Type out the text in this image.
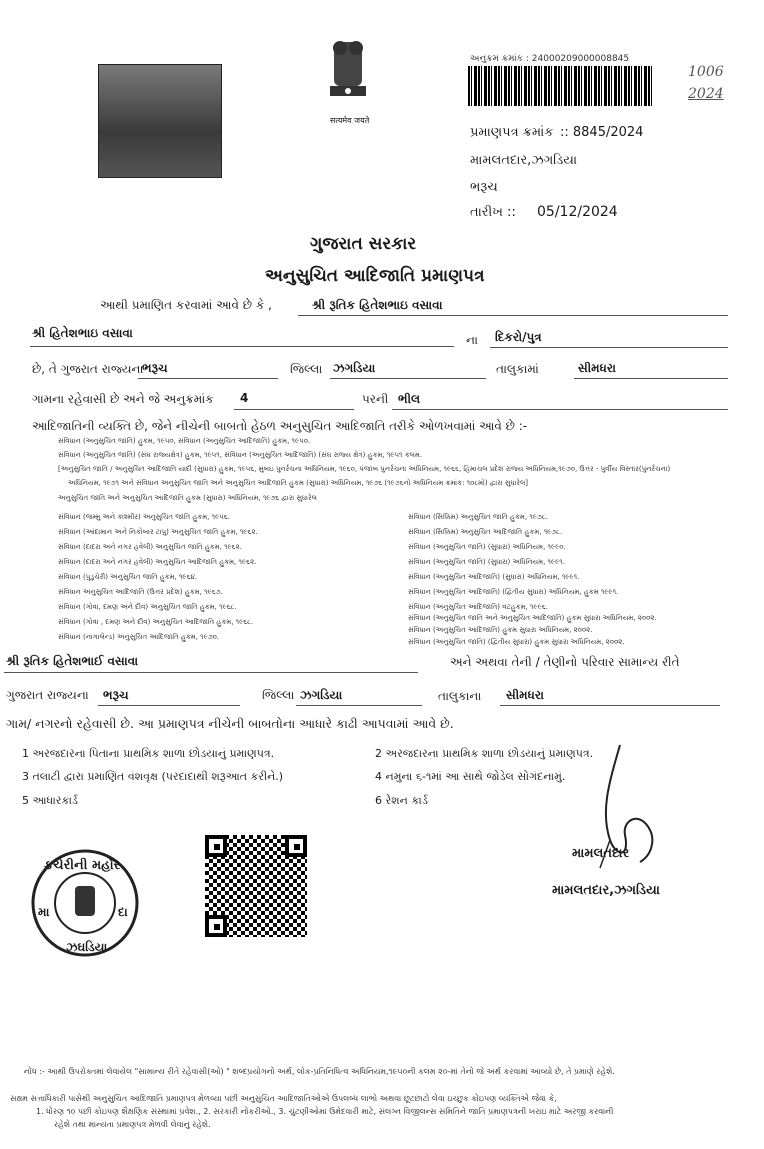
सत्यमेव जयते
અનુક્રમ ક્રમાંક : 24000209000008845
1006
2024
પ્રમાણપત્ર ક્રમાંક :: 8845/2024
મામલતદાર,ઝગડિયા
ભરૂચ
તારીખ :: 05/12/2024
ગુજરાત સરકાર
અનુસુચિત આદિજાતિ પ્રમાણપત્ર
આથી પ્રમાણિત કરવામાં આવે છે કે ,	શ્રી રૂતિક હિતેશભાઇ વસાવા
શ્રી હિતેશભાઇ વસાવા	ના દિકરો/પુત્ર
છે, તે ગુજરાત રાજ્યના
ભરૂચ	જિલ્લા ઝગડિયા	તાલુકામાં	સીમધરા
ગામના રહેવાસી છે અને જે અનુક્રમાંક 4	પરની ભીલ
આદિજાતિની વ્યક્તિ છે, જેને નીચેની બાબતો હેઠળ અનુસુચિત આદિજાતિ તરીકે ઓળખવામાં આવે છે :-
સંવિધાન (અનુસુચિત જાતિ) હુકમ, ૧૯૫૦, સંવિધાન (અનુસુચિત આદિજાતિ) હુકમ, ૧૯૫૦.
સંવિધાન (અનુસુચિત જાતિ) (સંઘ રાજ્યક્ષેત્ર) હુકમ, ૧૯૫૧, સંવિધાન (અનુસુચિત આદિજાતિ) (સંઘ રાજ્ય ક્ષેત્ર) હુકમ, ૧૯૫૧ કલમ.
[અનુસુચિત જાતિ / અનુસુચિત આદિજાતિ યાદી (સુધારા) હુકમ, ૧૯૫૬, મુંબઇ પુનર્રચના અધિનિયમ, ૧૯૬૦, પંજાબ પુનર્રચના અધિનિયમ, ૧૯૬૬, હિમાચલ પ્રદેશ રાજ્ય અધિનિયમ,૧૯૭૦, ઉત્તર - પુર્વીય વિસ્તાર(પુનર્રચના)
અધિનિયમ, ૧૯૭૧ અને સંવિધાન અનુસુચિત જાતિ અને અનુસુચિત આદિજાતિ હુકમ (સુધારા) અધિનિયમ, ૧૯૭૬ (૧૯૭૬નો અધિનિયમ ક્રમાંક: ૧૦૮મો) દ્વારા સુધારેલ]
અનુસુચિત જાતિ અને અનુસુચિત આદિજાતિ હુકમ (સુધારા) અધિનિયમ, ૧૯૭૬ દ્વારા સુધારેલ
સંવિધાન (જમ્મુ અને કાશ્મીર) અનુસુચિત જાતિ હુકમ, ૧૯૫૬.
સંવિધાન (આંદામાન અને નિકોબાર ટાપુ) અનુસુચિત જાતિ હુકમ, ૧૯૬૨.
સંવિધાન (દાદરા અને નગર હવેલી) અનુસુચિત જાતિ હુકમ, ૧૯૬૨.
સંવિધાન (દાદરા અને નગર હવેલી) અનુસુચિત આદિજાતિ હુકમ, ૧૯૬૨.
સંવિધાન (પુડુચેરી) અનુસુચિત જાતિ હુકમ, ૧૯૬૪.
સંવિધાન અનુસુચિત આદિજાતિ (ઉત્તર પ્રદેશ) હુકમ, ૧૯૬૭.
સંવિધાન (ગોવા, દમણ અને દીવ) અનુસુચિત જાતિ હુકમ, ૧૯૬૮.
સંવિધાન (ગોવા , દમણ અને દીવ) અનુસુચિત આદિજાતિ હુકમ, ૧૯૬૮.
સંવિધાન (નાગાલેન્ડ) અનુસુચિત આદિજાતિ હુકમ, ૧૯૭૦.
સંવિધાન (સિક્કિમ) અનુસુચિત જાતિ હુકમ, ૧૯૭૮.
સંવિધાન (સિક્કિમ) અનુસુચિત આદિજાતિ હુકમ, ૧૯૭૮.
સંવિધાન (અનુસુચિત જાતિ) (સુધારા) અધિનિયમ, ૧૯૯૦.
સંવિધાન (અનુસુચિત જાતિ) (સુધારા) અધિનિયમ, ૧૯૯૧.
સંવિધાન (અનુસુચિત આદિજાતિ) (સુધારા) અધિનિયમ, ૧૯૯૧.
સંવિધાન (અનુસુચિત આદિજાતિ) (દ્વિતીય સુધારા) અધિનિયમ, હુકમ ૧૯૯૧.
સંવિધાન (અનુસુચિત આદિજાતિ) વટહુકમ, ૧૯૯૬.
સંવિધાન (અનુસુચિત જાતિ અને અનુસુચિત આદિજાતિ) હુકમ સુધારા અધિનિયમ, ૨૦૦૨.
સંવિધાન (અનુસુચિત આદિજાતિ) હુકમ સુધારા અધિનિયમ, ૨૦૦૨.
સંવિધાન (અનુસુચિત જાતિ) (દ્વિતીય સુધારા) હુકમ સુધારા અધિનિયમ, ૨૦૦૨.
શ્રી રૂતિક હિતેશભાઈ વસાવા	અને અથવા તેની / તેણીનો પરિવાર સામાન્ય રીતે
ગુજરાત રાજ્યના ભરૂચ	જિલ્લા ઝગડિયા	તાલુકાના સીમધરા
ગામ/ નગરનો રહેવાસી છે. આ પ્રમાણપત્ર નીચેની બાબતોના આધારે કાઢી આપવામાં આવે છે.
1 અરજદારના પિતાના પ્રાથમિક શાળા છોડયાનું પ્રમાણપત્ર.	2 અરજદારના પ્રાથમિક શાળા છોડયાનું પ્રમાણપત્ર.
3 તલાટી દ્વારા પ્રમાણિત વંશવૃક્ષ (પરદાદાથી શરૂઆત કરીને.)	4 નમુના ૬-૧માં આ સાથે જોડેલ સોગંદનામું.
5 આધારકાર્ડ	6 રેશન કાર્ડ
કચેરીની મહોર
મા	દા
ઝઘડિયા
મામલતદાર
મામલતદાર,ઝગડિયા
નોંધ :- આથી ઉપરોક્તમાં લેવાયેલ "સામાન્ય રીતે રહેવાસી(ઓ) " શબ્દપ્રયોગનો અર્થ, લોક-પ્રતિનિધિત્વ અધિનિયમ,૧૯૫૦ની કલમ ૨૦-માં તેનો જે અર્થ કરવામાં આવ્યો છે, તે પ્રમાણે રહેશે.
સક્ષમ સત્તાધિકારી પાસેથી અનુસુચિત આદિજાતિ પ્રમાણપત્ર મેળવ્યા પછી અનુસુચિત આદિજાતિઓએ ઉપલબ્ધ લાભો અથવા છૂટછાટો લેવા ઇચ્છુક કોઇપણ વ્યક્તિએ જેવા કે,
1. ધોરણ ૧૦ પછી કોઇપણ શૈક્ષણિક સંસ્થામાં પ્રવેશ., 2. સરકારી નોકરીઓ., 3. ચુંટણીઓમાં ઉમેદવારી માટે, સંલગ્ન વિજીલન્સ સમિતિને જાતિ પ્રમાણપત્રની ખરાઇ માટે અરજી કરવાની
રહેશે તથા માન્યતા પ્રમાણપત્ર મેળવી લેવાનું રહેશે.
